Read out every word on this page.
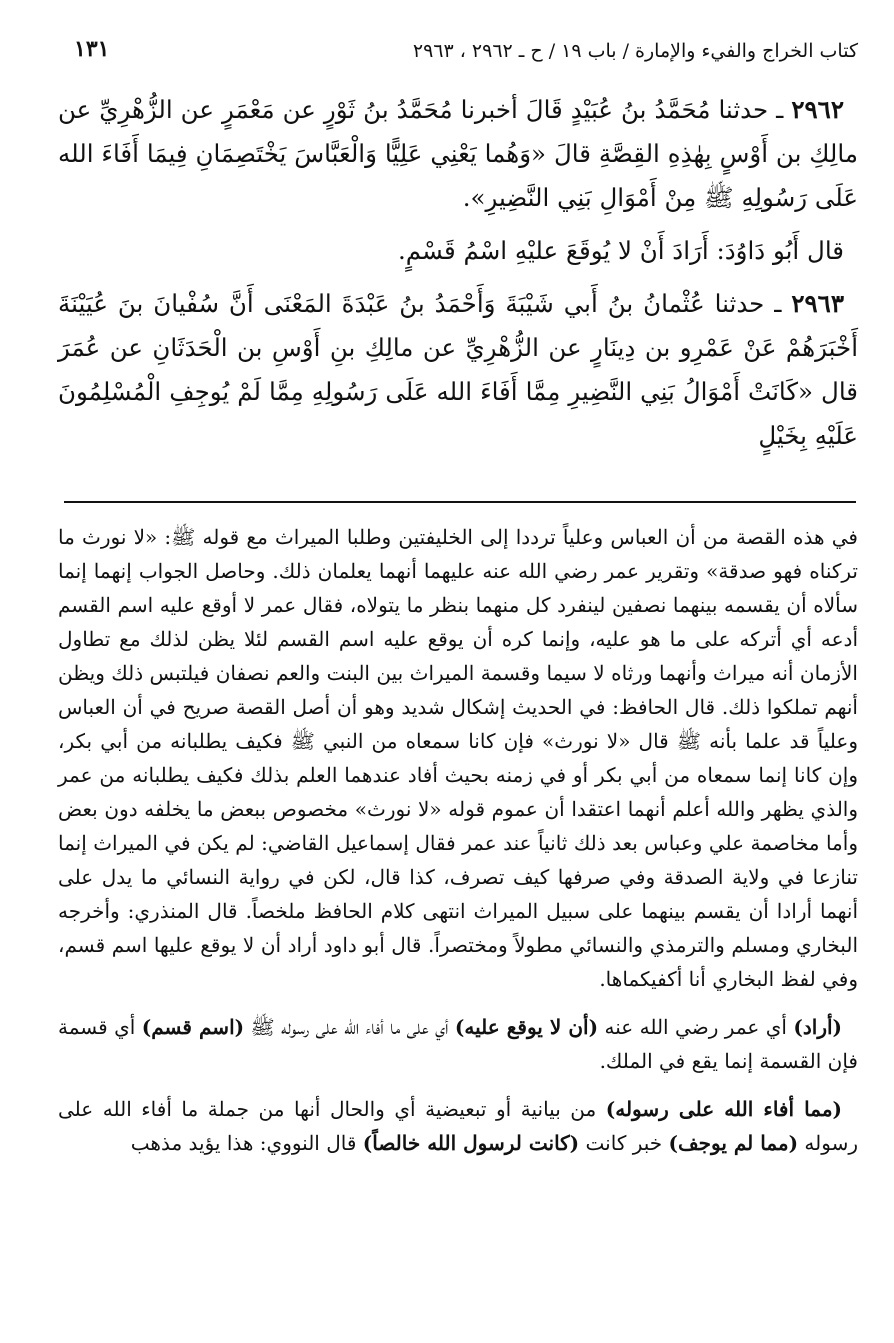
كتاب الخراج والفيء والإمارة / باب ١٩ / ح ـ ٢٩٦٢ ، ٢٩٦٣
١٣١

٢٩٦٢ ـ حدثنا مُحَمَّدُ بنُ عُبَيْدٍ قَالَ أخبرنا مُحَمَّدُ بنُ ثَوْرٍ عن مَعْمَرٍ عن الزُّهْرِيِّ عن مالِكِ بن أَوْسٍ بِهٰذِهِ القِصَّةِ قالَ «وَهُما يَعْنِي عَلِيًّا وَالْعَبَّاسَ يَخْتَصِمَانِ فِيمَا أَفَاءَ الله عَلَى رَسُولِهِ ﷺ مِنْ أَمْوَالِ بَنِي النَّضِيرِ».

قال أَبُو دَاوُدَ: أَرَادَ أَنْ لا يُوقَعَ عليْهِ اسْمُ قَسْمٍ.

٢٩٦٣ ـ حدثنا عُثْمانُ بنُ أَبي شَيْبَةَ وَأَحْمَدُ بنُ عَبْدَةَ المَعْنَى أَنَّ سُفْيانَ بنَ عُيَيْنَةَ أَخْبَرَهُمْ عَنْ عَمْرِو بن دِينَارٍ عن الزُّهْرِيِّ عن مالِكِ بنِ أَوْسِ بن الْحَدَثَانِ عن عُمَرَ قال «كَانَتْ أَمْوَالُ بَنِي النَّضِيرِ مِمَّا أَفَاءَ الله عَلَى رَسُولِهِ مِمَّا لَمْ يُوجِفِ الْمُسْلِمُونَ عَلَيْهِ بِخَيْلٍ

في هذه القصة من أن العباس وعلياً ترددا إلى الخليفتين وطلبا الميراث مع قوله ﷺ: «لا نورث ما تركناه فهو صدقة» وتقرير عمر رضي الله عنه عليهما أنهما يعلمان ذلك. وحاصل الجواب إنهما إنما سألاه أن يقسمه بينهما نصفين لينفرد كل منهما بنظر ما يتولاه، فقال عمر لا أوقع عليه اسم القسم أدعه أي أتركه على ما هو عليه، وإنما كره أن يوقع عليه اسم القسم لئلا يظن لذلك مع تطاول الأزمان أنه ميراث وأنهما ورثاه لا سيما وقسمة الميراث بين البنت والعم نصفان فيلتبس ذلك ويظن أنهم تملكوا ذلك. قال الحافظ: في الحديث إشكال شديد وهو أن أصل القصة صريح في أن العباس وعلياً قد علما بأنه ﷺ قال «لا نورث» فإن كانا سمعاه من النبي ﷺ فكيف يطلبانه من أبي بكر، وإن كانا إنما سمعاه من أبي بكر أو في زمنه بحيث أفاد عندهما العلم بذلك فكيف يطلبانه من عمر والذي يظهر والله أعلم أنهما اعتقدا أن عموم قوله «لا نورث» مخصوص ببعض ما يخلفه دون بعض وأما مخاصمة علي وعباس بعد ذلك ثانياً عند عمر فقال إسماعيل القاضي: لم يكن في الميراث إنما تنازعا في ولاية الصدقة وفي صرفها كيف تصرف، كذا قال، لكن في رواية النسائي ما يدل على أنهما أرادا أن يقسم بينهما على سبيل الميراث انتهى كلام الحافظ ملخصاً. قال المنذري: وأخرجه البخاري ومسلم والترمذي والنسائي مطولاً ومختصراً. قال أبو داود أراد أن لا يوقع عليها اسم قسم، وفي لفظ البخاري أنا أكفيكماها.

(أراد) أي عمر رضي الله عنه (أن لا يوقع عليه) أي على ما أفاء الله على رسوله ﷺ (اسم قسم) أي قسمة فإن القسمة إنما يقع في الملك.

(مما أفاء الله على رسوله) من بيانية أو تبعيضية أي والحال أنها من جملة ما أفاء الله على رسوله (مما لم يوجف) خبر كانت (كانت لرسول الله خالصاً) قال النووي: هذا يؤيد مذهب
